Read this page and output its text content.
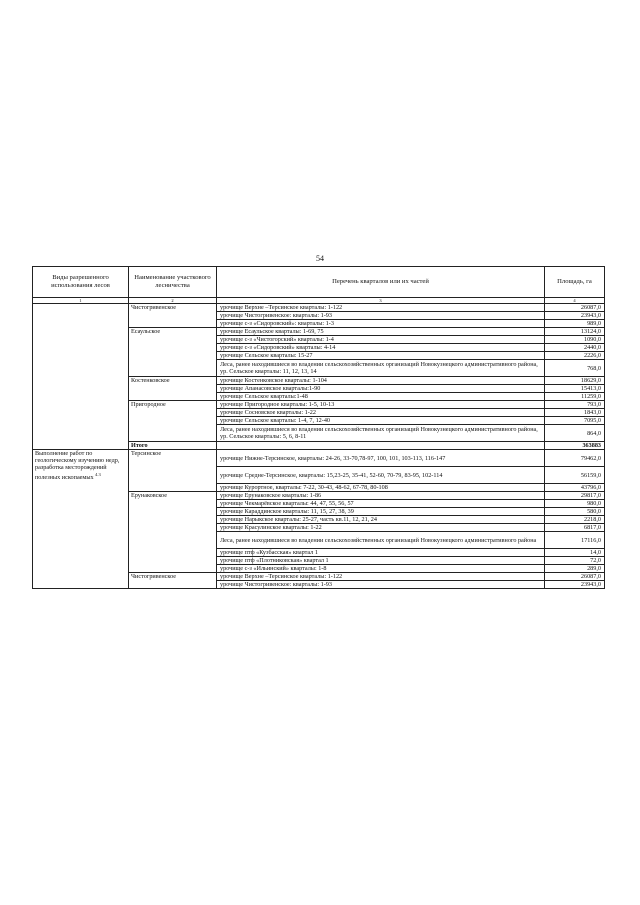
54
Виды разрешенного использования лесов	Наименование участкового лесничества	Перечень кварталов или их частей	Площадь, га
1	2	3	4
	Чистогривенское	урочище Верхне –Терсинское кварталы: 1-122	26087,0
		урочище Чистогривенское: кварталы: 1-93	23943,0
		урочище с-з «Сидоровский»: кварталы: 1-3	989,0
	Есаульское	урочище Есаульское кварталы: 1-69, 75	13124,0
		урочище с-з «Чистогорский» кварталы: 1-4	1090,0
		урочище с-з «Сидоровский» кварталы: 4-14	2440,0
		урочище Сельское кварталы: 15-27	2226,0
		Леса, ранее находившиеся во владении сельскохозяйственных организаций Новокузнецкого административного района, ур. Сельское кварталы: 11, 12, 13, 14	768,0
	Костенковское	урочище Костенковское кварталы: 1-104	18629,0
		урочище Апанасовское кварталы:1-90	15413,0
		урочище Сельское кварталы:1-48	11259,0
	Пригородное	урочище Пригородное кварталы: 1-5, 10-13	793,0
		урочище Сосновское кварталы: 1-22	1843,0
		урочище Сельское кварталы: 1-4, 7, 12-40	7095,0
		Леса, ранее находившиеся во владении сельскохозяйственных организаций Новокузнецкого административного района, ур. Сельское кварталы: 5, 6, 8-11	864,0
	Итого		363883
Выполнение работ по геологическому изучению недр, разработка месторождений полезных ископаемых $^{4.3}$	Терсинское	урочище Нижне-Терсинское, кварталы: 24-26, 33-70,78-97, 100, 101, 103-113, 116-147	79462,0
		урочище Средне-Терсинское, кварталы: 15,23-25, 35-41, 52-60, 70-79, 83-95, 102-114	56159,0
		урочище Курортное, кварталы: 7-22, 30-43, 48-62, 67-78, 80-108	43796,0
	Ерунаковское	урочище Ерунаковское кварталы: 1-86	29817,0
		урочище Чекмарёвское кварталы: 44, 47, 55, 56, 57	980,0
		урочище Караддинское кварталы: 11, 15, 27, 38, 39	580,0
		урочище Нарыкское кварталы: 25-27, часть кв.11, 12, 21, 24	2218,0
		урочище Красулинское кварталы: 1-22	6817,0
		Леса, ранее находившиеся во владении сельскохозяйственных организаций Новокузнецкого административного района	17116,0
		урочище птф «Кузбасская» квартал 1	14,0
		урочище птф «Плотниковская» квартал 1	72,0
		урочище с-з «Ильинский» кварталы: 1-8	289,0
	Чистогривенское	урочище Верхне –Терсинское кварталы: 1-122	26087,0
		урочище Чистогривенское: кварталы: 1-93	23943,0
